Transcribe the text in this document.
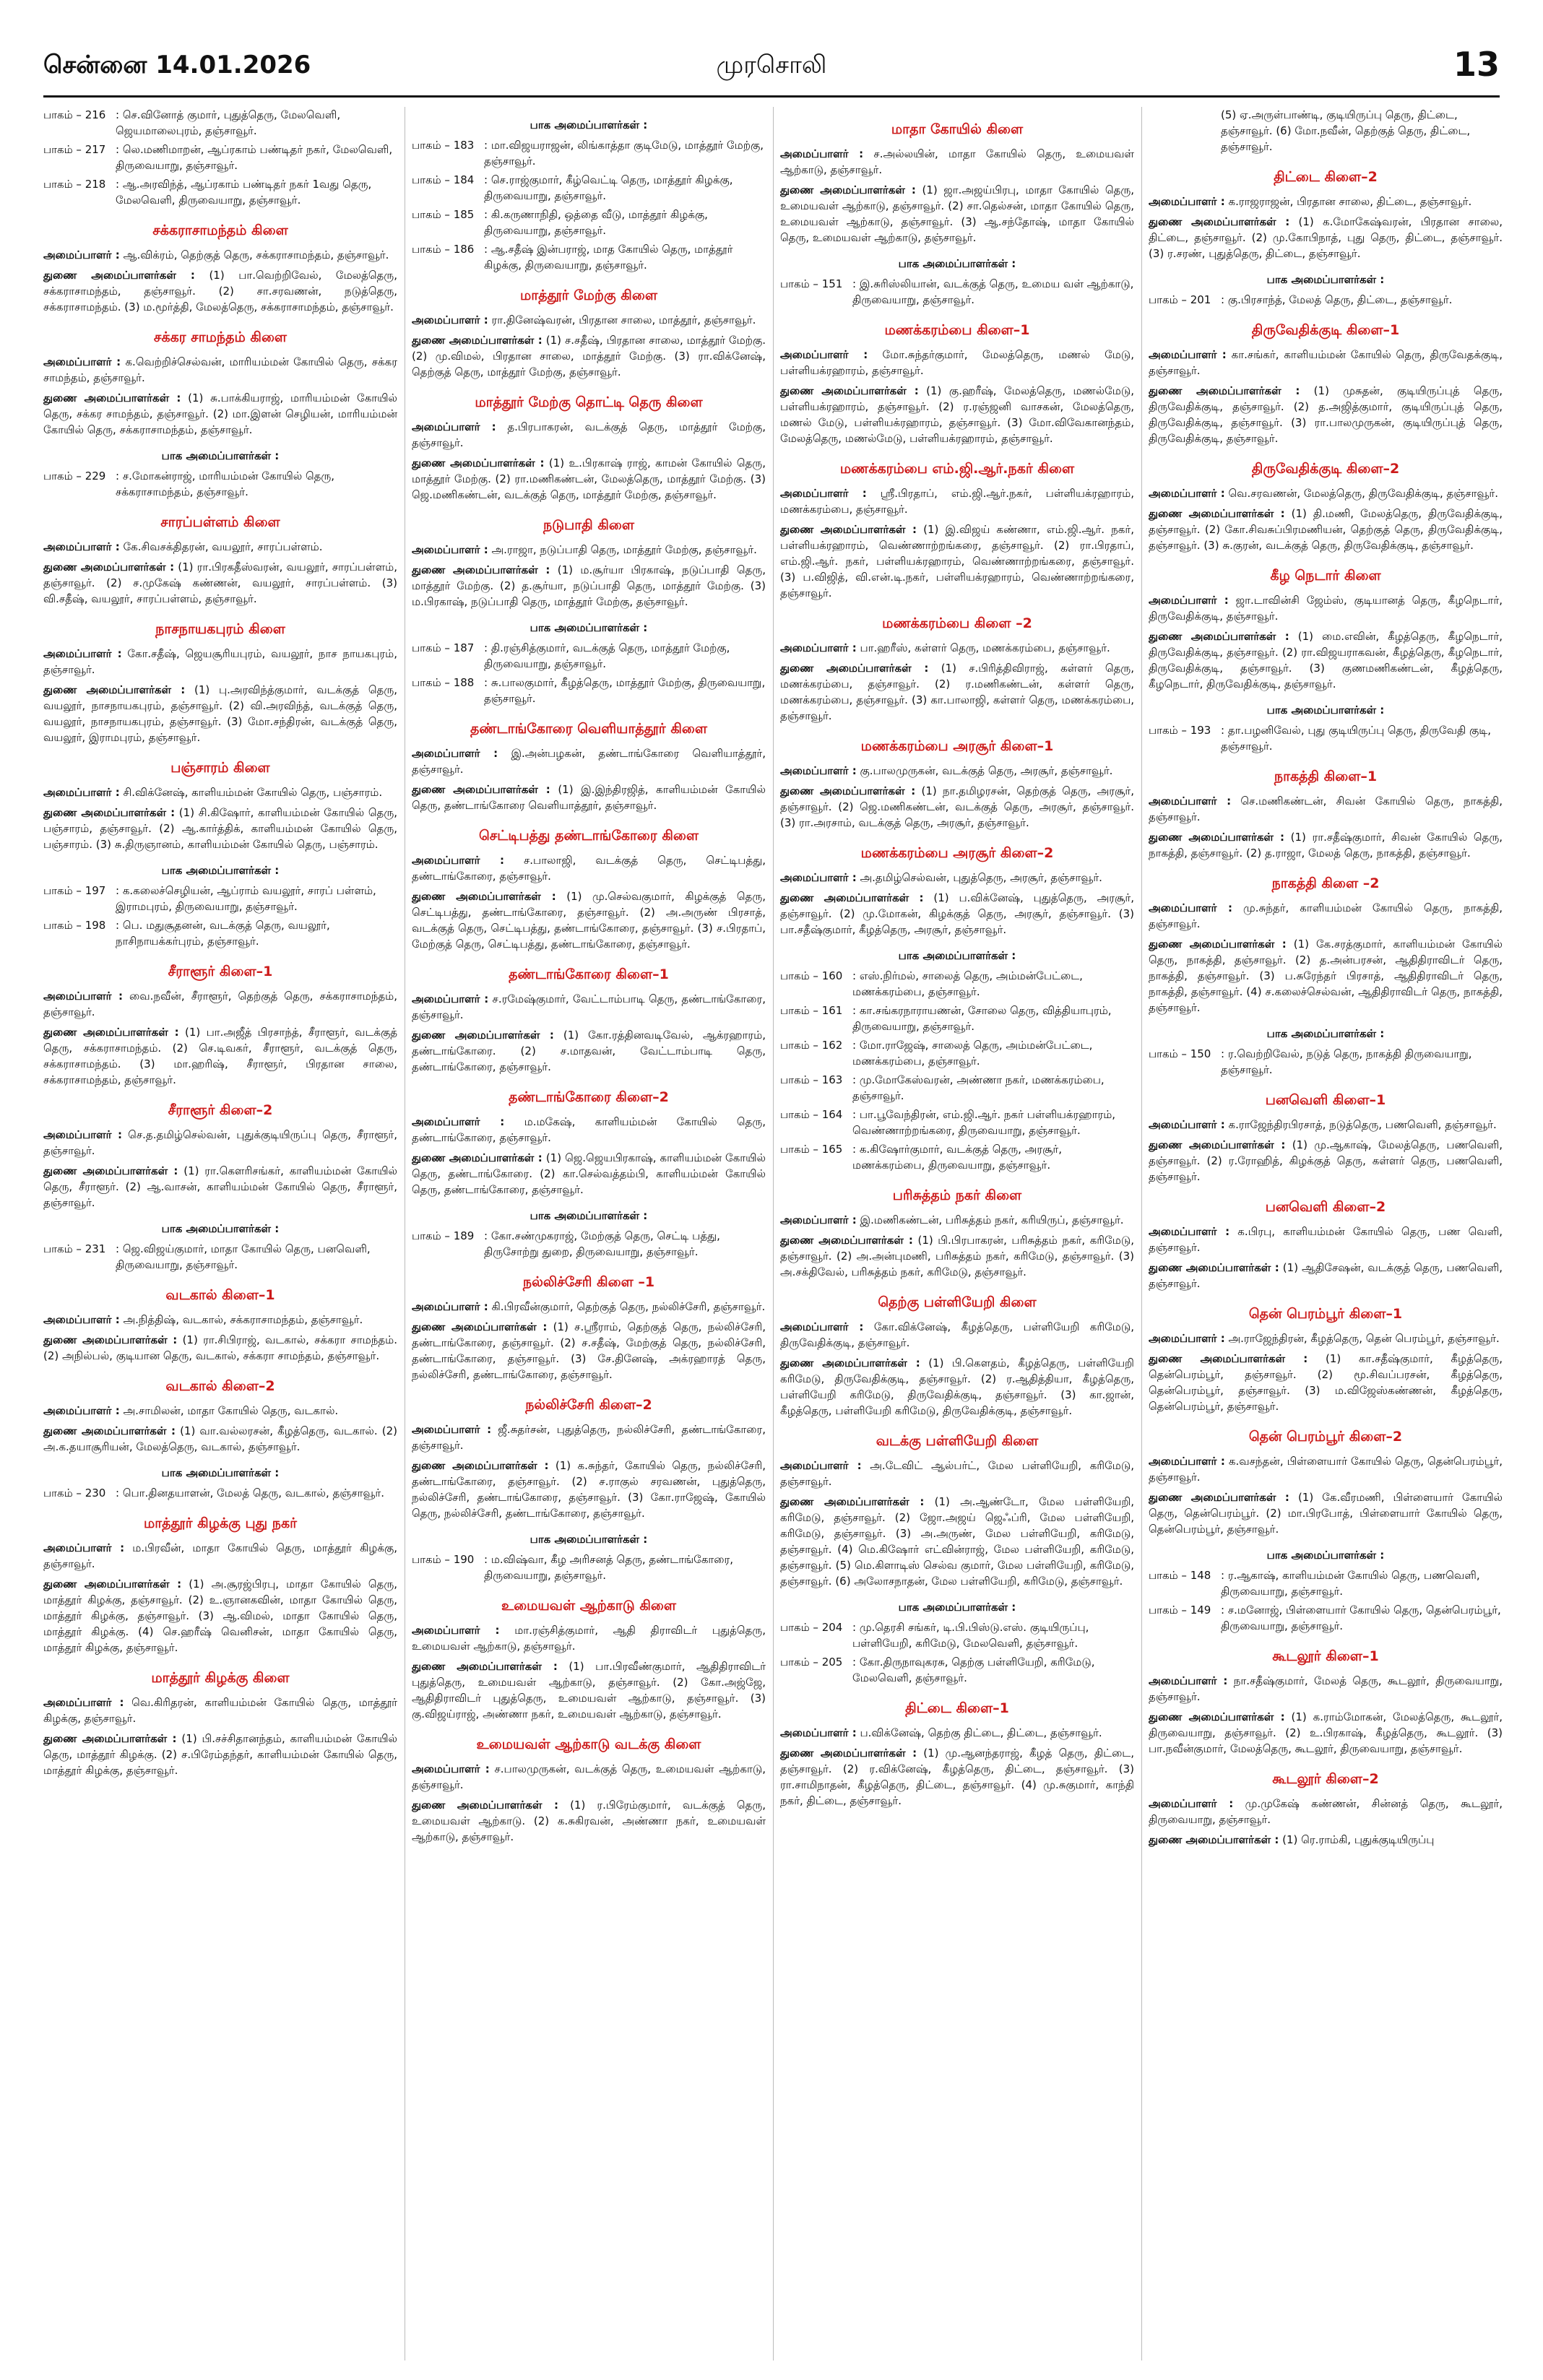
சென்னை 14.01.2026	முரசொலி	13
பாகம் – 216 : செ.வினோத் குமார், புதுத்தெரு, மேலவெளி, ஜெயமாலைபுரம், தஞ்சாவூர்.
பாகம் – 217 : லெ.மணிமாறன், ஆப்ரகாம் பண்டிதர் நகர், மேலவெளி, திருவையாறு, தஞ்சாவூர்.
பாகம் – 218 : ஆ.அரவிந்த், ஆப்ரகாம் பண்டிதர் நகர் 1வது தெரு, மேலவெளி, திருவையாறு, தஞ்சாவூர்.
சக்கராசாமந்தம் கிளை
அமைப்பாளர் : ஆ.விக்ரம், தெற்குத் தெரு, சக்கராசாமந்தம், தஞ்சாவூர்.
துணை அமைப்பாளர்கள் : (1) பா.வெற்றிவேல், மேலத்தெரு, சக்கராசாமந்தம், தஞ்சாவூர். (2) சா.சரவணன், நடுத்தெரு, சக்கராசாமந்தம். (3) ம.மூர்த்தி, மேலத்தெரு, சக்கராசாமந்தம், தஞ்சாவூர்.
சக்கர சாமந்தம் கிளை
அமைப்பாளர் : க.வெற்றிச்செல்வன், மாரியம்மன் கோயில் தெரு, சக்கர சாமந்தம், தஞ்சாவூர்.
துணை அமைப்பாளர்கள் : (1) சு.பாக்கியராஜ், மாரியம்மன் கோயில் தெரு, சக்கர சாமந்தம், தஞ்சாவூர். (2) மா.இளன் செழியன், மாரியம்மன் கோயில் தெரு, சக்கராசாமந்தம், தஞ்சாவூர்.
பாக அமைப்பாளர்கள் :
பாகம் – 229 : ச.மோகன்ராஜ், மாரியம்மன் கோயில் தெரு, சக்கராசாமந்தம், தஞ்சாவூர்.
சாரப்பள்ளம் கிளை
அமைப்பாளர் : கே.சிவசக்திதரன், வயலூர், சாரப்பள்ளம்.
துணை அமைப்பாளர்கள் : (1) ரா.பிரகதீஸ்வரன், வயலூர், சாரப்பள்ளம், தஞ்சாவூர். (2) ச.முகேஷ் கண்ணன், வயலூர், சாரப்பள்ளம். (3) வி.சதீஷ், வயலூர், சாரப்பள்ளம், தஞ்சாவூர்.
நாசநாயகபுரம் கிளை
அமைப்பாளர் : கோ.சதீஷ், ஜெயசூரியபுரம், வயலூர், நாச நாயகபுரம், தஞ்சாவூர்.
துணை அமைப்பாளர்கள் : (1) பு.அரவிந்த்குமார், வடக்குத் தெரு, வயலூர், நாசநாயகபுரம், தஞ்சாவூர். (2) வி.அரவிந்த், வடக்குத் தெரு, வயலூர், நாசநாயகபுரம், தஞ்சாவூர். (3) மோ.சந்திரன், வடக்குத் தெரு, வயலூர், இராமபுரம், தஞ்சாவூர்.
பஞ்சாரம் கிளை
அமைப்பாளர் : சி.விக்னேஷ், காளியம்மன் கோயில் தெரு, பஞ்சாரம்.
துணை அமைப்பாளர்கள் : (1) சி.கிஷோர், காளியம்மன் கோயில் தெரு, பஞ்சாரம், தஞ்சாவூர். (2) ஆ.கார்த்திக், காளியம்மன் கோயில் தெரு, பஞ்சாரம். (3) சு.திருஞானம், காளியம்மன் கோயில் தெரு, பஞ்சாரம்.
பாக அமைப்பாளர்கள் :
பாகம் – 197 : க.கலைச்செழியன், ஆப்ராம் வயலூர், சாரப் பள்ளம், இராமபுரம், திருவையாறு, தஞ்சாவூர்.
பாகம் – 198 : பெ. மதுசூதனன், வடக்குத் தெரு, வயலூர், நாசிநாயக்கர்புரம், தஞ்சாவூர்.
சீராளூர் கிளை–1
அமைப்பாளர் : வை.நவீன், சீராளூர், தெற்குத் தெரு, சக்கராசாமந்தம், தஞ்சாவூர்.
துணை அமைப்பாளர்கள் : (1) பா.அஜீத் பிரசாந்த், சீராளூர், வடக்குத் தெரு, சக்கராசாமந்தம். (2) செ.டிவகர், சீராளூர், வடக்குத் தெரு, சக்கராசாமந்தம். (3) மா.ஹரிஷ், சீராளூர், பிரதான சாலை, சக்கராசாமந்தம், தஞ்சாவூர்.
சீராளூர் கிளை–2
அமைப்பாளர் : செ.த.தமிழ்செல்வன், புதுக்குடியிருப்பு தெரு, சீராளூர், தஞ்சாவூர்.
துணை அமைப்பாளர்கள் : (1) ரா.கௌரிசங்கர், காளியம்மன் கோயில் தெரு, சீராளூர். (2) ஆ.வாசன், காளியம்மன் கோயில் தெரு, சீராளூர், தஞ்சாவூர்.
பாக அமைப்பாளர்கள் :
பாகம் – 231 : ஜெ.விஜய்குமார், மாதா கோயில் தெரு, பனவெளி, திருவையாறு, தஞ்சாவூர்.
வடகால் கிளை–1
அமைப்பாளர் : அ.நித்திஷ், வடகால், சக்கராசாமந்தம், தஞ்சாவூர்.
துணை அமைப்பாளர்கள் : (1) ரா.சிபிராஜ், வடகால், சக்கரா சாமந்தம். (2) அநில்பல், குடியான தெரு, வடகால், சக்கரா சாமந்தம், தஞ்சாவூர்.
வடகால் கிளை–2
அமைப்பாளர் : அ.சாமிலன், மாதா கோயில் தெரு, வடகால்.
துணை அமைப்பாளர்கள் : (1) வா.வல்லரசன், கீழத்தெரு, வடகால். (2) அ.க.தயாசூரியன், மேலத்தெரு, வடகால், தஞ்சாவூர்.
பாக அமைப்பாளர்கள் :
பாகம் – 230 : பொ.தினதயாளன், மேலத் தெரு, வடகால், தஞ்சாவூர்.
மாத்தூர் கிழக்கு புது நகர்
அமைப்பாளர் : ம.பிரவீன், மாதா கோயில் தெரு, மாத்தூர் கிழக்கு, தஞ்சாவூர்.
துணை அமைப்பாளர்கள் : (1) அ.சூரஜ்பிரபு, மாதா கோயில் தெரு, மாத்தூர் கிழக்கு, தஞ்சாவூர். (2) உ.ஞானகவின், மாதா கோயில் தெரு, மாத்தூர் கிழக்கு, தஞ்சாவூர். (3) ஆ.விமல், மாதா கோயில் தெரு, மாத்தூர் கிழக்கு. (4) செ.ஹரீஷ் வெனிசன், மாதா கோயில் தெரு, மாத்தூர் கிழக்கு, தஞ்சாவூர்.
மாத்தூர் கிழக்கு கிளை
அமைப்பாளர் : வெ.கிரிதரன், காளியம்மன் கோயில் தெரு, மாத்தூர் கிழக்கு, தஞ்சாவூர்.
துணை அமைப்பாளர்கள் : (1) பி.சச்சிதானந்தம், காளியம்மன் கோயில் தெரு, மாத்தூர் கிழக்கு. (2) ச.பிரேம்தந்தர், காளியம்மன் கோயில் தெரு, மாத்தூர் கிழக்கு, தஞ்சாவூர்.
பாக அமைப்பாளர்கள் :
பாகம் – 183 : மா.விஜயராஜன், லிங்காத்தா குடிமேடு, மாத்தூர் மேற்கு, தஞ்சாவூர்.
பாகம் – 184 : செ.ராஜ்குமார், கீழ்வெட்டி தெரு, மாத்தூர் கிழக்கு, திருவையாறு, தஞ்சாவூர்.
பாகம் – 185 : கி.கருணாநிதி, ஒத்தை வீடு, மாத்தூர் கிழக்கு, திருவையாறு, தஞ்சாவூர்.
பாகம் – 186 : ஆ.சதீஷ் இன்பராஜ், மாத கோயில் தெரு, மாத்தூர் கிழக்கு, திருவையாறு, தஞ்சாவூர்.
மாத்தூர் மேற்கு கிளை
அமைப்பாளர் : ரா.தினேஷ்வரன், பிரதான சாலை, மாத்தூர், தஞ்சாவூர்.
துணை அமைப்பாளர்கள் : (1) ச.சதீஷ், பிரதான சாலை, மாத்தூர் மேற்கு. (2) மு.விமல், பிரதான சாலை, மாத்தூர் மேற்கு. (3) ரா.விக்னேஷ், தெற்குத் தெரு, மாத்தூர் மேற்கு, தஞ்சாவூர்.
மாத்தூர் மேற்கு தொட்டி தெரு கிளை
அமைப்பாளர் : த.பிரபாகரன், வடக்குத் தெரு, மாத்தூர் மேற்கு, தஞ்சாவூர்.
துணை அமைப்பாளர்கள் : (1) உ.பிரகாஷ் ராஜ், காமன் கோயில் தெரு, மாத்தூர் மேற்கு. (2) ரா.மணிகண்டன், மேலத்தெரு, மாத்தூர் மேற்கு. (3) ஜெ.மணிகண்டன், வடக்குத் தெரு, மாத்தூர் மேற்கு, தஞ்சாவூர்.
நடுபாதி கிளை
அமைப்பாளர் : அ.ராஜா, நடுப்பாதி தெரு, மாத்தூர் மேற்கு, தஞ்சாவூர்.
துணை அமைப்பாளர்கள் : (1) ம.சூர்யா பிரகாஷ், நடுப்பாதி தெரு, மாத்தூர் மேற்கு. (2) த.சூர்யா, நடுப்பாதி தெரு, மாத்தூர் மேற்கு. (3) ம.பிரகாஷ், நடுப்பாதி தெரு, மாத்தூர் மேற்கு, தஞ்சாவூர்.
பாக அமைப்பாளர்கள் :
பாகம் – 187 : தி.ரஞ்சித்குமார், வடக்குத் தெரு, மாத்தூர் மேற்கு, திருவையாறு, தஞ்சாவூர்.
பாகம் – 188 : சு.பாலகுமார், கீழத்தெரு, மாத்தூர் மேற்கு, திருவையாறு, தஞ்சாவூர்.
தண்டாங்கோரை வெளியாத்தூர் கிளை
அமைப்பாளர் : இ.அன்பழகன், தண்டாங்கோரை வெளியாத்தூர், தஞ்சாவூர்.
துணை அமைப்பாளர்கள் : (1) இ.இந்திரஜித், காளியம்மன் கோயில் தெரு, தண்டாங்கோரை வெளியாத்தூர், தஞ்சாவூர்.
செட்டிபத்து தண்டாங்கோரை கிளை
அமைப்பாளர் : ச.பாலாஜி, வடக்குத் தெரு, செட்டிபத்து, தண்டாங்கோரை, தஞ்சாவூர்.
துணை அமைப்பாளர்கள் : (1) மு.செல்வகுமார், கிழக்குத் தெரு, செட்டிபத்து, தண்டாங்கோரை, தஞ்சாவூர். (2) அ.அருண் பிரசாத், வடக்குத் தெரு, செட்டிபத்து, தண்டாங்கோரை, தஞ்சாவூர். (3) ச.பிரதாப், மேற்குத் தெரு, செட்டிபத்து, தண்டாங்கோரை, தஞ்சாவூர்.
தண்டாங்கோரை கிளை–1
அமைப்பாளர் : ச.ரமேஷ்குமார், வேட்டாம்பாடி தெரு, தண்டாங்கோரை, தஞ்சாவூர்.
துணை அமைப்பாளர்கள் : (1) கோ.ரத்தினவடிவேல், ஆக்ரஹாரம், தண்டாங்கோரை. (2) ச.மாதவன், வேட்டாம்பாடி தெரு, தண்டாங்கோரை, தஞ்சாவூர்.
தண்டாங்கோரை கிளை–2
அமைப்பாளர் : ம.மகேஷ், காளியம்மன் கோயில் தெரு, தண்டாங்கோரை, தஞ்சாவூர்.
துணை அமைப்பாளர்கள் : (1) ஜெ.ஜெயபிரகாஷ், காளியம்மன் கோயில் தெரு, தண்டாங்கோரை. (2) கா.செல்வத்தம்பி, காளியம்மன் கோயில் தெரு, தண்டாங்கோரை, தஞ்சாவூர்.
பாக அமைப்பாளர்கள் :
பாகம் – 189 : கோ.சண்முகராஜ், மேற்குத் தெரு, செட்டி பத்து, திருசோற்று துறை, திருவையாறு, தஞ்சாவூர்.
நல்லிச்சேரி கிளை –1
அமைப்பாளர் : கி.பிரவீன்குமார், தெற்குத் தெரு, நல்லிச்சேரி, தஞ்சாவூர்.
துணை அமைப்பாளர்கள் : (1) ச.ஸ்ரீராம், தெற்குத் தெரு, நல்லிச்சேரி, தண்டாங்கோரை, தஞ்சாவூர். (2) ச.சதீஷ், மேற்குத் தெரு, நல்லிச்சேரி, தண்டாங்கோரை, தஞ்சாவூர். (3) சே.தினேஷ், அக்ரஹாரத் தெரு, நல்லிச்சேரி, தண்டாங்கோரை, தஞ்சாவூர்.
நல்லிச்சேரி கிளை–2
அமைப்பாளர் : ஜீ.சுதர்சன், புதுத்தெரு, நல்லிச்சேரி, தண்டாங்கோரை, தஞ்சாவூர்.
துணை அமைப்பாளர்கள் : (1) க.சுந்தர், கோயில் தெரு, நல்லிச்சேரி, தண்டாங்கோரை, தஞ்சாவூர். (2) ச.ராகுல் சரவணன், புதுத்தெரு, நல்லிச்சேரி, தண்டாங்கோரை, தஞ்சாவூர். (3) கோ.ராஜேஷ், கோயில் தெரு, நல்லிச்சேரி, தண்டாங்கோரை, தஞ்சாவூர்.
பாக அமைப்பாளர்கள் :
பாகம் – 190 : ம.விஷ்வா, கீழ அரிசனத் தெரு, தண்டாங்கோரை, திருவையாறு, தஞ்சாவூர்.
உமையவள் ஆற்காடு கிளை
அமைப்பாளர் : மா.ரஞ்சித்குமார், ஆதி திராவிடர் புதுத்தெரு, உமையவள் ஆற்காடு, தஞ்சாவூர்.
துணை அமைப்பாளர்கள் : (1) பா.பிரவீண்குமார், ஆதிதிராவிடர் புதுத்தெரு, உமையவள் ஆற்காடு, தஞ்சாவூர். (2) கோ.அஜ்ஜே, ஆதிதிராவிடர் புதுத்தெரு, உமையவள் ஆற்காடு, தஞ்சாவூர். (3) கு.விஜய்ராஜ், அண்ணா நகர், உமையவள் ஆற்காடு, தஞ்சாவூர்.
உமையவள் ஆற்காடு வடக்கு கிளை
அமைப்பாளர் : ச.பாலமுருகன், வடக்குத் தெரு, உமையவள் ஆற்காடு, தஞ்சாவூர்.
துணை அமைப்பாளர்கள் : (1) ர.பிரேம்குமார், வடக்குத் தெரு, உமையவள் ஆற்காடு. (2) க.சுகிரவன், அண்ணா நகர், உமையவள் ஆற்காடு, தஞ்சாவூர்.
மாதா கோயில் கிளை
அமைப்பாளர் : ச.அல்லயின், மாதா கோயில் தெரு, உமையவள் ஆற்காடு, தஞ்சாவூர்.
துணை அமைப்பாளர்கள் : (1) ஜா.அஜய்பிரபு, மாதா கோயில் தெரு, உமையவள் ஆற்காடு, தஞ்சாவூர். (2) சா.தெல்சன், மாதா கோயில் தெரு, உமையவள் ஆற்காடு, தஞ்சாவூர். (3) ஆ.சந்தோஷ், மாதா கோயில் தெரு, உமையவள் ஆற்காடு, தஞ்சாவூர்.
பாக அமைப்பாளர்கள் :
பாகம் – 151 : இ.சுரிஸ்லியான், வடக்குத் தெரு, உமைய வள் ஆற்காடு, திருவையாறு, தஞ்சாவூர்.
மணக்கரம்பை கிளை–1
அமைப்பாளர் : மோ.சுந்தர்குமார், மேலத்தெரு, மணல் மேடு, பள்ளியக்ரஹாரம், தஞ்சாவூர்.
துணை அமைப்பாளர்கள் : (1) கு.ஹரீஷ், மேலத்தெரு, மணல்மேடு, பள்ளியக்ரஹாரம், தஞ்சாவூர். (2) ர.ரஞ்ஜனி வாசகன், மேலத்தெரு, மணல் மேடு, பள்ளியக்ரஹாரம், தஞ்சாவூர். (3) மோ.விவேகானந்தம், மேலத்தெரு, மணல்மேடு, பள்ளியக்ரஹாரம், தஞ்சாவூர்.
மணக்கரம்பை எம்.ஜி.ஆர்.நகர் கிளை
அமைப்பாளர் : ஸ்ரீ.பிரதாப், எம்.ஜி.ஆர்.நகர், பள்ளியக்ரஹாரம், மணக்கரம்பை, தஞ்சாவூர்.
துணை அமைப்பாளர்கள் : (1) இ.விஜய் கண்ணா, எம்.ஜி.ஆர். நகர், பள்ளியக்ரஹாரம், வெண்ணாற்றங்கரை, தஞ்சாவூர். (2) ரா.பிரதாப், எம்.ஜி.ஆர். நகர், பள்ளியக்ரஹாரம், வெண்ணாற்றங்கரை, தஞ்சாவூர். (3) ப.விஜித், வி.என்.டி.நகர், பள்ளியக்ரஹாரம், வெண்ணாற்றங்கரை, தஞ்சாவூர்.
மணக்கரம்பை கிளை –2
அமைப்பாளர் : பா.ஹரீஸ், கள்ளர் தெரு, மணக்கரம்பை, தஞ்சாவூர்.
துணை அமைப்பாளர்கள் : (1) ச.பிரித்திவிராஜ், கள்ளர் தெரு, மணக்கரம்பை, தஞ்சாவூர். (2) ர.மணிகண்டன், கள்ளர் தெரு, மணக்கரம்பை, தஞ்சாவூர். (3) கா.பாலாஜி, கள்ளர் தெரு, மணக்கரம்பை, தஞ்சாவூர்.
மணக்கரம்பை அரசூர் கிளை–1
அமைப்பாளர் : கு.பாலமுருகன், வடக்குத் தெரு, அரசூர், தஞ்சாவூர்.
துணை அமைப்பாளர்கள் : (1) நா.தமிழரசன், தெற்குத் தெரு, அரசூர், தஞ்சாவூர். (2) ஜெ.மணிகண்டன், வடக்குத் தெரு, அரசூர், தஞ்சாவூர். (3) ரா.அரசாம், வடக்குத் தெரு, அரசூர், தஞ்சாவூர்.
மணக்கரம்பை அரசூர் கிளை–2
அமைப்பாளர் : அ.தமிழ்செல்வன், புதுத்தெரு, அரசூர், தஞ்சாவூர்.
துணை அமைப்பாளர்கள் : (1) ப.விக்னேஷ், புதுத்தெரு, அரசூர், தஞ்சாவூர். (2) மு.மோகன், கிழக்குத் தெரு, அரசூர், தஞ்சாவூர். (3) பா.சதீஷ்குமார், கீழத்தெரு, அரசூர், தஞ்சாவூர்.
பாக அமைப்பாளர்கள் :
பாகம் – 160 : எஸ்.நிர்மல், சாலைத் தெரு, அம்மன்பேட்டை, மணக்கரம்பை, தஞ்சாவூர்.
பாகம் – 161 : கா.சங்கரநாராயணன், சோலை தெரு, வித்தியாபுரம், திருவையாறு, தஞ்சாவூர்.
பாகம் – 162 : மோ.ராஜேஷ், சாலைத் தெரு, அம்மன்பேட்டை, மணக்கரம்பை, தஞ்சாவூர்.
பாகம் – 163 : மு.மோகேஸ்வரன், அண்ணா நகர், மணக்கரம்பை, தஞ்சாவூர்.
பாகம் – 164 : பா.பூவேந்திரன், எம்.ஜி.ஆர். நகர் பள்ளியக்ரஹாரம், வெண்ணாற்றங்கரை, திருவையாறு, தஞ்சாவூர்.
பாகம் – 165 : க.கிஷோர்குமார், வடக்குத் தெரு, அரசூர், மணக்கரம்பை, திருவையாறு, தஞ்சாவூர்.
பரிசுத்தம் நகர் கிளை
அமைப்பாளர் : இ.மணிகண்டன், பரிசுத்தம் நகர், கரியிருப், தஞ்சாவூர்.
துணை அமைப்பாளர்கள் : (1) பி.பிரபாகரன், பரிசுத்தம் நகர், கரிமேடு, தஞ்சாவூர். (2) அ.அன்புமணி, பரிசுத்தம் நகர், கரிமேடு, தஞ்சாவூர். (3) அ.சக்திவேல், பரிசுத்தம் நகர், கரிமேடு, தஞ்சாவூர்.
தெற்கு பள்ளியேறி கிளை
அமைப்பாளர் : கோ.விக்னேஷ், கீழத்தெரு, பள்ளியேறி கரிமேடு, திருவேதிக்குடி, தஞ்சாவூர்.
துணை அமைப்பாளர்கள் : (1) பி.கௌதம், கீழத்தெரு, பள்ளியேறி கரிமேடு, திருவேதிக்குடி, தஞ்சாவூர். (2) ர.ஆதித்தியா, கீழத்தெரு, பள்ளியேறி கரிமேடு, திருவேதிக்குடி, தஞ்சாவூர். (3) கா.ஜான், கீழத்தெரு, பள்ளியேறி கரிமேடு, திருவேதிக்குடி, தஞ்சாவூர்.
வடக்கு பள்ளியேறி கிளை
அமைப்பாளர் : அ.டேவிட் ஆல்பர்ட், மேல பள்ளியேறி, கரிமேடு, தஞ்சாவூர்.
துணை அமைப்பாளர்கள் : (1) அ.ஆண்டோ, மேல பள்ளியேறி, கரிமேடு, தஞ்சாவூர். (2) ஜோ.அஜய் ஜெஃப்ரி, மேல பள்ளியேறி, கரிமேடு, தஞ்சாவூர். (3) அ.அருண், மேல பள்ளியேறி, கரிமேடு, தஞ்சாவூர். (4) மெ.கிஷோர் எட்வின்ராஜ், மேல பள்ளியேறி, கரிமேடு, தஞ்சாவூர். (5) மெ.கிளாடிஸ் செல்வ குமார், மேல பள்ளியேறி, கரிமேடு, தஞ்சாவூர். (6) அலோசநாதன், மேல பள்ளியேறி, கரிமேடு, தஞ்சாவூர்.
பாக அமைப்பாளர்கள் :
பாகம் – 204 : மு.தெரசி சங்கர், டி.பி.பிஸ்டு.எஸ். குடியிருப்பு, பள்ளியேறி, கரிமேடு, மேலவெளி, தஞ்சாவூர்.
பாகம் – 205 : கோ.திருநாவுகரசு, தெற்கு பள்ளியேறி, கரிமேடு, மேலவெளி, தஞ்சாவூர்.
திட்டை கிளை–1
அமைப்பாளர் : ப.விக்னேஷ், தெற்கு திட்டை, திட்டை, தஞ்சாவூர்.
துணை அமைப்பாளர்கள் : (1) மு.ஆனந்தராஜ், கீழத் தெரு, திட்டை, தஞ்சாவூர். (2) ர.விக்னேஷ், கீழத்தெரு, திட்டை, தஞ்சாவூர். (3) ரா.சாமிநாதன், கீழத்தெரு, திட்டை, தஞ்சாவூர். (4) மு.சுகுமார், காந்தி நகர், திட்டை, தஞ்சாவூர்.
(5) ஏ.அருள்பாண்டி, குடியிருப்பு தெரு, திட்டை, தஞ்சாவூர். (6) மோ.நவீன், தெற்குத் தெரு, திட்டை, தஞ்சாவூர்.
திட்டை கிளை–2
அமைப்பாளர் : க.ராஜராஜன், பிரதான சாலை, திட்டை, தஞ்சாவூர்.
துணை அமைப்பாளர்கள் : (1) க.மோகேஷ்வரன், பிரதான சாலை, திட்டை, தஞ்சாவூர். (2) மு.கோபிநாத், புது தெரு, திட்டை, தஞ்சாவூர். (3) ர.சரண், புதுத்தெரு, திட்டை, தஞ்சாவூர்.
பாக அமைப்பாளர்கள் :
பாகம் – 201 : கு.பிரசாந்த், மேலத் தெரு, திட்டை, தஞ்சாவூர்.
திருவேதிக்குடி கிளை–1
அமைப்பாளர் : கா.சங்கர், காளியம்மன் கோயில் தெரு, திருவேதக்குடி, தஞ்சாவூர்.
துணை அமைப்பாளர்கள் : (1) முசுதன், குடியிருப்புத் தெரு, திருவேதிக்குடி, தஞ்சாவூர். (2) த.அஜித்குமார், குடியிருப்புத் தெரு, திருவேதிக்குடி, தஞ்சாவூர். (3) ரா.பாலமுருகன், குடியிருப்புத் தெரு, திருவேதிக்குடி, தஞ்சாவூர்.
திருவேதிக்குடி கிளை–2
அமைப்பாளர் : வெ.சரவணன், மேலத்தெரு, திருவேதிக்குடி, தஞ்சாவூர்.
துணை அமைப்பாளர்கள் : (1) தி.மணி, மேலத்தெரு, திருவேதிக்குடி, தஞ்சாவூர். (2) கோ.சிவசுப்பிரமணியன், தெற்குத் தெரு, திருவேதிக்குடி, தஞ்சாவூர். (3) சு.குரன், வடக்குத் தெரு, திருவேதிக்குடி, தஞ்சாவூர்.
கீழ நெடார் கிளை
அமைப்பாளர் : ஜா.டாவின்சி ஜேம்ஸ், குடியானத் தெரு, கீழநெடார், திருவேதிக்குடி, தஞ்சாவூர்.
துணை அமைப்பாளர்கள் : (1) மை.எவின், கீழத்தெரு, கீழநெடார், திருவேதிக்குடி, தஞ்சாவூர். (2) ரா.விஜயராகவன், கீழத்தெரு, கீழநெடார், திருவேதிக்குடி, தஞ்சாவூர். (3) குணமணிகண்டன், கீழத்தெரு, கீழநெடார், திருவேதிக்குடி, தஞ்சாவூர்.
பாக அமைப்பாளர்கள் :
பாகம் – 193 : தா.பழனிவேல், புது குடியிருப்பு தெரு, திருவேதி குடி, தஞ்சாவூர்.
நாகத்தி கிளை–1
அமைப்பாளர் : செ.மணிகண்டன், சிவன் கோயில் தெரு, நாகத்தி, தஞ்சாவூர்.
துணை அமைப்பாளர்கள் : (1) ரா.சதீஷ்குமார், சிவன் கோயில் தெரு, நாகத்தி, தஞ்சாவூர். (2) த.ராஜா, மேலத் தெரு, நாகத்தி, தஞ்சாவூர்.
நாகத்தி கிளை –2
அமைப்பாளர் : மு.சுந்தர், காளியம்மன் கோயில் தெரு, நாகத்தி, தஞ்சாவூர்.
துணை அமைப்பாளர்கள் : (1) கே.சரத்குமார், காளியம்மன் கோயில் தெரு, நாகத்தி, தஞ்சாவூர். (2) த.அன்பரசன், ஆதிதிராவிடர் தெரு, நாகத்தி, தஞ்சாவூர். (3) ப.சுரேந்தர் பிரசாத், ஆதிதிராவிடர் தெரு, நாகத்தி, தஞ்சாவூர். (4) ச.கலைச்செல்வன், ஆதிதிராவிடர் தெரு, நாகத்தி, தஞ்சாவூர்.
பாக அமைப்பாளர்கள் :
பாகம் – 150 : ர.வெற்றிவேல், நடுத் தெரு, நாகத்தி திருவையாறு, தஞ்சாவூர்.
பனவெளி கிளை–1
அமைப்பாளர் : க.ராஜேந்திரபிரசாத், நடுத்தெரு, பணவெளி, தஞ்சாவூர்.
துணை அமைப்பாளர்கள் : (1) மு.ஆகாஷ், மேலத்தெரு, பணவெளி, தஞ்சாவூர். (2) ர.ரோஹித், கிழக்குத் தெரு, கள்ளர் தெரு, பணவெளி, தஞ்சாவூர்.
பனவெளி கிளை–2
அமைப்பாளர் : க.பிரபு, காளியம்மன் கோயில் தெரு, பண வெளி, தஞ்சாவூர்.
துணை அமைப்பாளர்கள் : (1) ஆதிசேஷன், வடக்குத் தெரு, பணவெளி, தஞ்சாவூர்.
தென் பெரம்பூர் கிளை–1
அமைப்பாளர் : அ.ராஜேந்திரன், கீழத்தெரு, தென் பெரம்பூர், தஞ்சாவூர்.
துணை அமைப்பாளர்கள் : (1) கா.சதீஷ்குமார், கீழத்தெரு, தென்பெரம்பூர், தஞ்சாவூர். (2) மூ.சிவப்பரசன், கீழத்தெரு, தென்பெரம்பூர், தஞ்சாவூர். (3) ம.விஜேஸ்கண்ணன், கீழத்தெரு, தென்பெரம்பூர், தஞ்சாவூர்.
தென் பெரம்பூர் கிளை–2
அமைப்பாளர் : க.வசந்தன், பிள்ளையார் கோயில் தெரு, தென்பெரம்பூர், தஞ்சாவூர்.
துணை அமைப்பாளர்கள் : (1) கே.வீரமணி, பிள்ளையார் கோயில் தெரு, தென்பெரம்பூர். (2) மா.பிரபோத், பிள்ளையார் கோயில் தெரு, தென்பெரம்பூர், தஞ்சாவூர்.
பாக அமைப்பாளர்கள் :
பாகம் – 148 : ர.ஆகாஷ், காளியம்மன் கோயில் தெரு, பணவெளி, திருவையாறு, தஞ்சாவூர்.
பாகம் – 149 : ச.மனோஜ், பிள்ளையார் கோயில் தெரு, தென்பெரம்பூர், திருவையாறு, தஞ்சாவூர்.
கூடலூர் கிளை–1
அமைப்பாளர் : நா.சதீஷ்குமார், மேலத் தெரு, கூடலூர், திருவையாறு, தஞ்சாவூர்.
துணை அமைப்பாளர்கள் : (1) க.ராம்மோகன், மேலத்தெரு, கூடலூர், திருவையாறு, தஞ்சாவூர். (2) உ.பிரகாஷ், கீழத்தெரு, கூடலூர். (3) பா.நவீன்குமார், மேலத்தெரு, கூடலூர், திருவையாறு, தஞ்சாவூர்.
கூடலூர் கிளை–2
அமைப்பாளர் : மு.முகேஷ் கண்ணன், சின்னத் தெரு, கூடலூர், திருவையாறு, தஞ்சாவூர்.
துணை அமைப்பாளர்கள் : (1) ரெ.ராம்கி, புதுக்குடியிருப்பு
